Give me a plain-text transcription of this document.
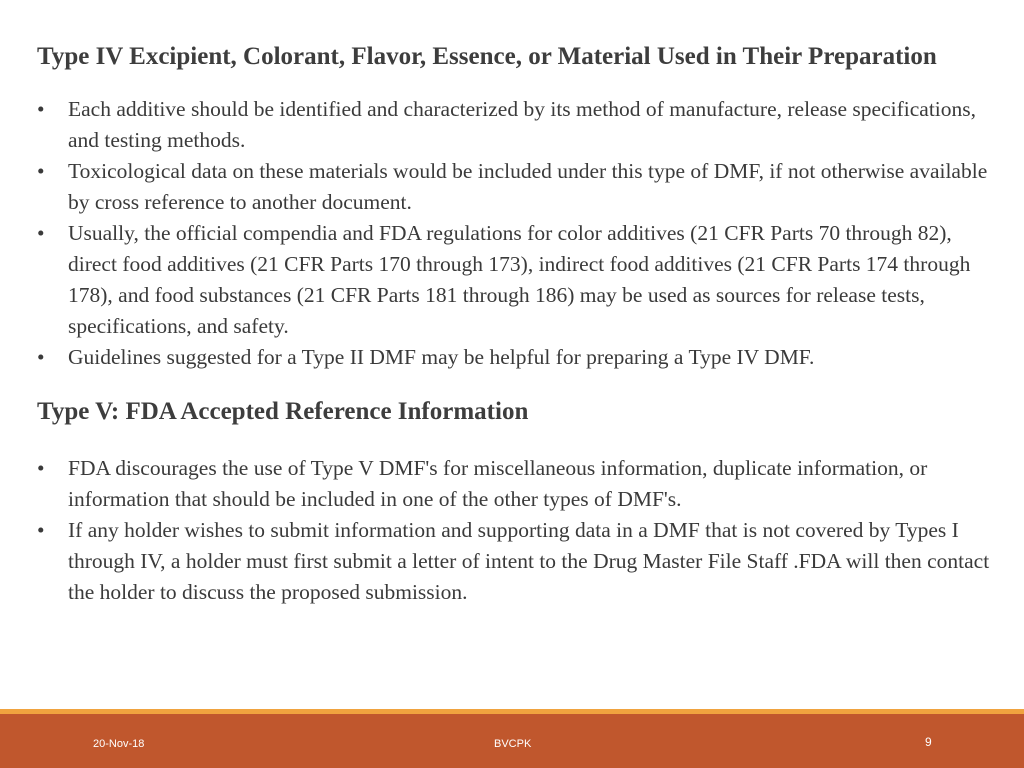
Type IV Excipient, Colorant, Flavor, Essence, or Material Used in Their Preparation
•	Each additive should be identified and characterized by its method of manufacture, release specifications, and testing methods.
•	Toxicological data on these materials would be included under this type of DMF, if not otherwise available by cross reference to another document.
•	Usually, the official compendia and FDA regulations for color additives (21 CFR Parts 70 through 82), direct food additives (21 CFR Parts 170 through 173), indirect food additives (21 CFR Parts 174 through 178), and food substances (21 CFR Parts 181 through 186) may be used as sources for release tests, specifications, and safety.
•	Guidelines suggested for a Type II DMF may be helpful for preparing a Type IV DMF.
Type V: FDA Accepted Reference Information
•	FDA discourages the use of Type V DMF's for miscellaneous information, duplicate information, or information that should be included in one of the other types of DMF's.
•	If any holder wishes to submit information and supporting data in a DMF that is not covered by Types I through IV, a holder must first submit a letter of intent to the Drug Master File Staff .FDA will then contact the holder to discuss the proposed submission.
20-Nov-18	BVCPK	9
